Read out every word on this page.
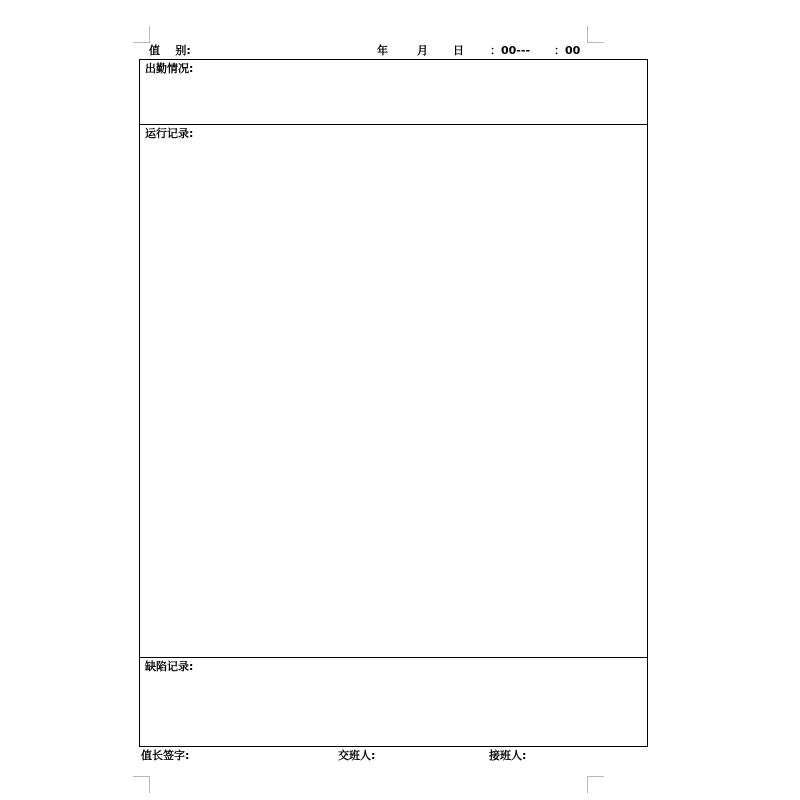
值    别:	年	月 日 ：00--- ：00
出勤情况:
运行记录:
缺陷记录:
值长签字:	交班人:	接班人:
